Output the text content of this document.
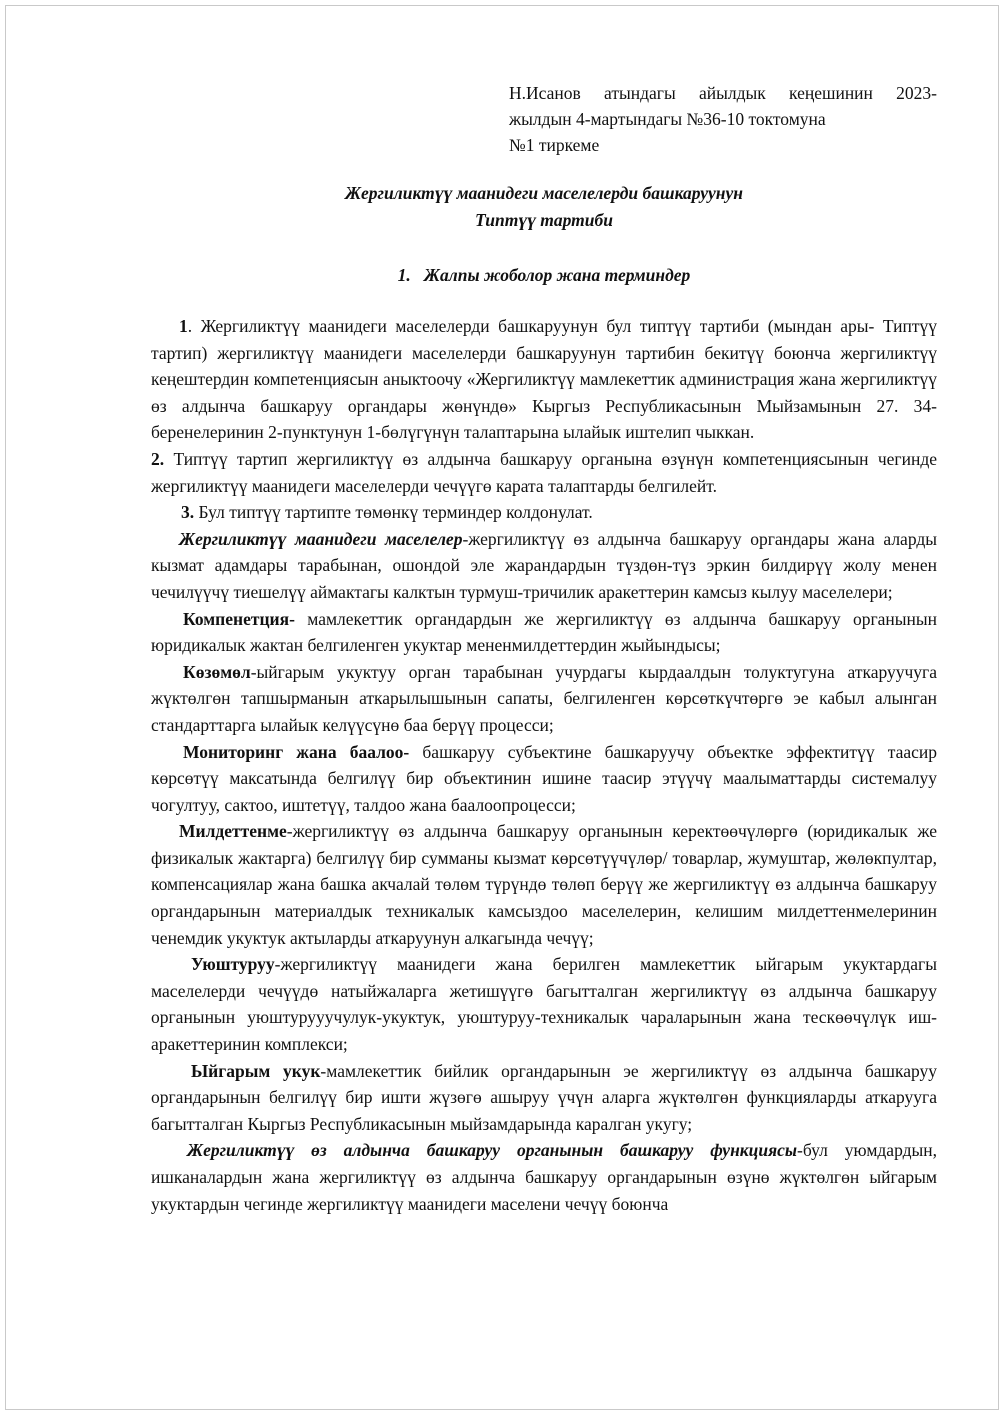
Н.Исанов атындагы айылдык кеңешинин 2023-
жылдын 4-мартындагы №36-10 токтомуна
№1 тиркеме
Жергиликтүү маанидеги маселелерди башкаруунун
Типтүү тартиби
1. Жалпы жоболор жана терминдер

1. Жергиликтүү маанидеги маселелерди башкаруунун бул типтүү тартиби (мындан ары- Типтүү тартип) жергиликтүү маанидеги маселелерди башкаруунун тартибин бекитүү боюнча жергиликтүү кеңештердин компетенциясын аныктоочу «Жергиликтүү мамлекеттик администрация жана жергиликтүү өз алдынча башкаруу органдары жөнүндө» Кыргыз Республикасынын Мыйзамынын 27. 34-беренелеринин 2-пунктунун 1-бөлүгүнүн талаптарына ылайык иштелип чыккан.

2. Типтүү тартип жергиликтүү өз алдынча башкаруу органына өзүнүн компетенциясынын чегинде жергиликтүү маанидеги маселелерди чечүүгө карата талаптарды белгилейт.

3. Бул типтүү тартипте төмөнкү терминдер колдонулат.

Жергиликтүү маанидеги маселелер-жергиликтүү өз алдынча башкаруу органдары жана аларды кызмат адамдары тарабынан, ошондой эле жарандардын түздөн-түз эркин билдирүү жолу менен чечилүүчү тиешелүү аймактагы калктын турмуш-тричилик аракеттерин камсыз кылуу маселелери;

Компенетция- мамлекеттик органдардын же жергиликтүү өз алдынча башкаруу органынын юридикалык жактан белгиленген укуктар мененмилдеттердин жыйындысы;

Көзөмөл-ыйгарым укуктуу орган тарабынан учурдагы кырдаалдын толуктугуна аткаруучуга жүктөлгөн тапшырманын аткарылышынын сапаты, белгиленген көрсөткүчтөргө эе кабыл алынган стандарттарга ылайык келүүсүнө баа берүү процесси;

Мониторинг жана баалоо- башкаруу субъектине башкаруучу объектке эффектитүү таасир көрсөтүү максатында белгилүү бир объектинин ишине таасир этүүчү маалыматтарды системалуу чогултуу, сактоо, иштетүү, талдоо жана баалоопроцесси;

Милдеттенме-жергиликтүү өз алдынча башкаруу органынын керектөөчүлөргө (юридикалык же физикалык жактарга) белгилүү бир сумманы кызмат көрсөтүүчүлөр/ товарлар, жумуштар, жөлөкпултар, компенсациялар жана башка акчалай төлөм түрүндө төлөп берүү же жергиликтүү өз алдынча башкаруу органдарынын материалдык техникалык камсыздоо маселелерин, келишим милдеттенмелеринин ченемдик укуктук актыларды аткаруунун алкагында чечүү;

Уюштуруу-жергиликтүү маанидеги жана берилген мамлекеттик ыйгарым укуктардагы маселелерди чечүүдө натыйжаларга жетишүүгө багытталган жергиликтүү өз алдынча башкаруу органынын уюштурууучулук-укуктук, уюштуруу-техникалык чараларынын жана тескөөчүлүк иш-аракеттеринин комплекси;

Ыйгарым укук-мамлекеттик бийлик органдарынын эе жергиликтүү өз алдынча башкаруу органдарынын белгилүү бир ишти жүзөгө ашыруу үчүн аларга жүктөлгөн функцияларды аткарууга багытталган Кыргыз Республикасынын мыйзамдарында каралган укугу;

Жергиликтүү өз алдынча башкаруу органынын башкаруу функциясы-бул уюмдардын, ишканалардын жана жергиликтүү өз алдынча башкаруу органдарынын өзүнө жүктөлгөн ыйгарым укуктардын чегинде жергиликтүү маанидеги маселени чечүү боюнча
